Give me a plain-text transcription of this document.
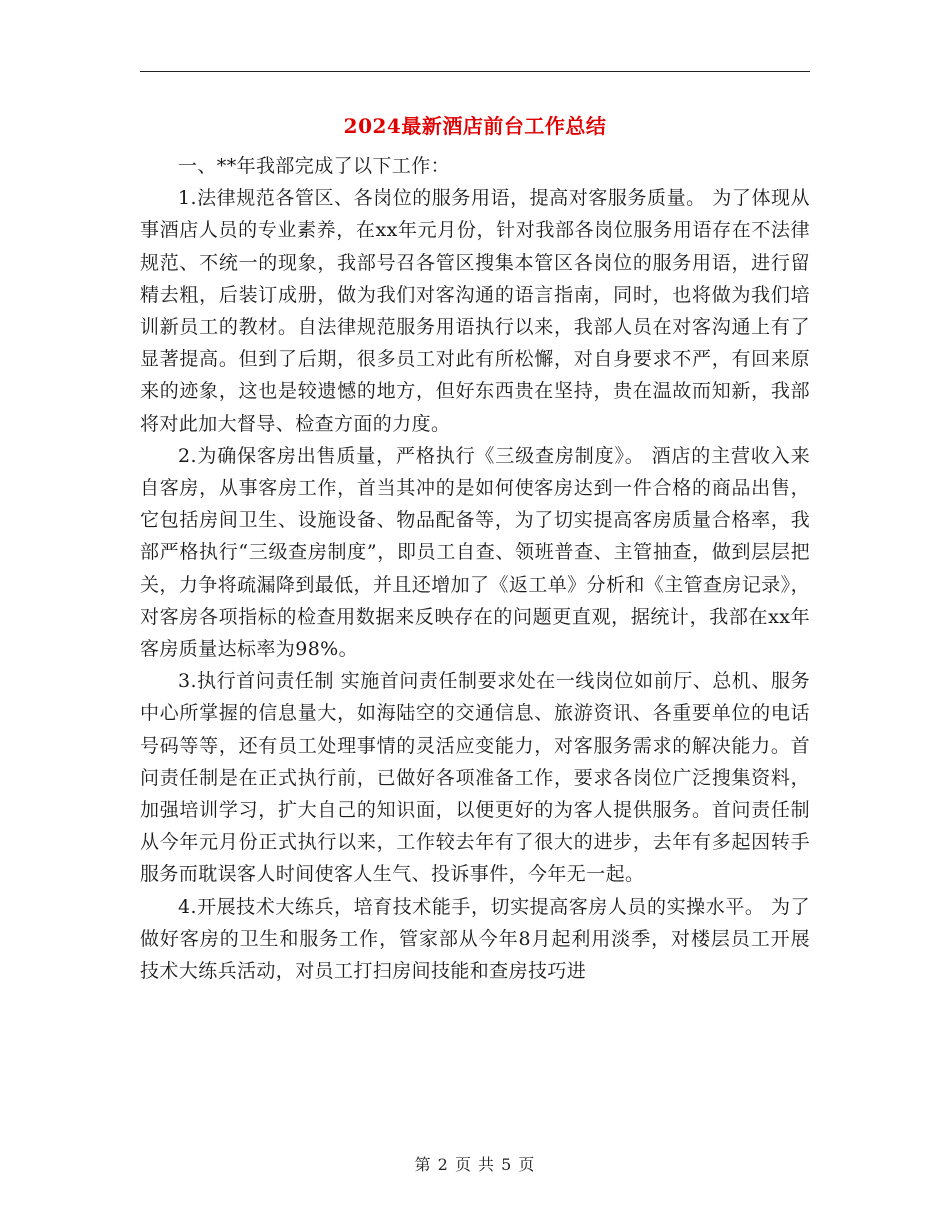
2024最新酒店前台工作总结

一、**年我部完成了以下工作：

1.法律规范各管区、各岗位的服务用语，提高对客服务质量。 为了体现从事酒店人员的专业素养，在xx年元月份，针对我部各岗位服务用语存在不法律规范、不统一的现象，我部号召各管区搜集本管区各岗位的服务用语，进行留精去粗，后装订成册，做为我们对客沟通的语言指南，同时，也将做为我们培训新员工的教材。自法律规范服务用语执行以来，我部人员在对客沟通上有了显著提高。但到了后期，很多员工对此有所松懈，对自身要求不严，有回来原来的迹象，这也是较遗憾的地方，但好东西贵在坚持，贵在温故而知新，我部将对此加大督导、检查方面的力度。

2.为确保客房出售质量，严格执行《三级查房制度》。 酒店的主营收入来自客房，从事客房工作，首当其冲的是如何使客房达到一件合格的商品出售，它包括房间卫生、设施设备、物品配备等，为了切实提高客房质量合格率，我部严格执行“三级查房制度”，即员工自查、领班普查、主管抽查，做到层层把关，力争将疏漏降到最低，并且还增加了《返工单》分析和《主管查房记录》，对客房各项指标的检查用数据来反映存在的问题更直观，据统计，我部在xx年客房质量达标率为98%。

3.执行首问责任制 实施首问责任制要求处在一线岗位如前厅、总机、服务中心所掌握的信息量大，如海陆空的交通信息、旅游资讯、各重要单位的电话号码等等，还有员工处理事情的灵活应变能力，对客服务需求的解决能力。首问责任制是在正式执行前，已做好各项准备工作，要求各岗位广泛搜集资料，加强培训学习，扩大自己的知识面，以便更好的为客人提供服务。首问责任制从今年元月份正式执行以来，工作较去年有了很大的进步，去年有多起因转手服务而耽误客人时间使客人生气、投诉事件，今年无一起。

4.开展技术大练兵，培育技术能手，切实提高客房人员的实操水平。 为了做好客房的卫生和服务工作，管家部从今年8月起利用淡季，对楼层员工开展技术大练兵活动，对员工打扫房间技能和查房技巧进

第 2 页 共 5 页
